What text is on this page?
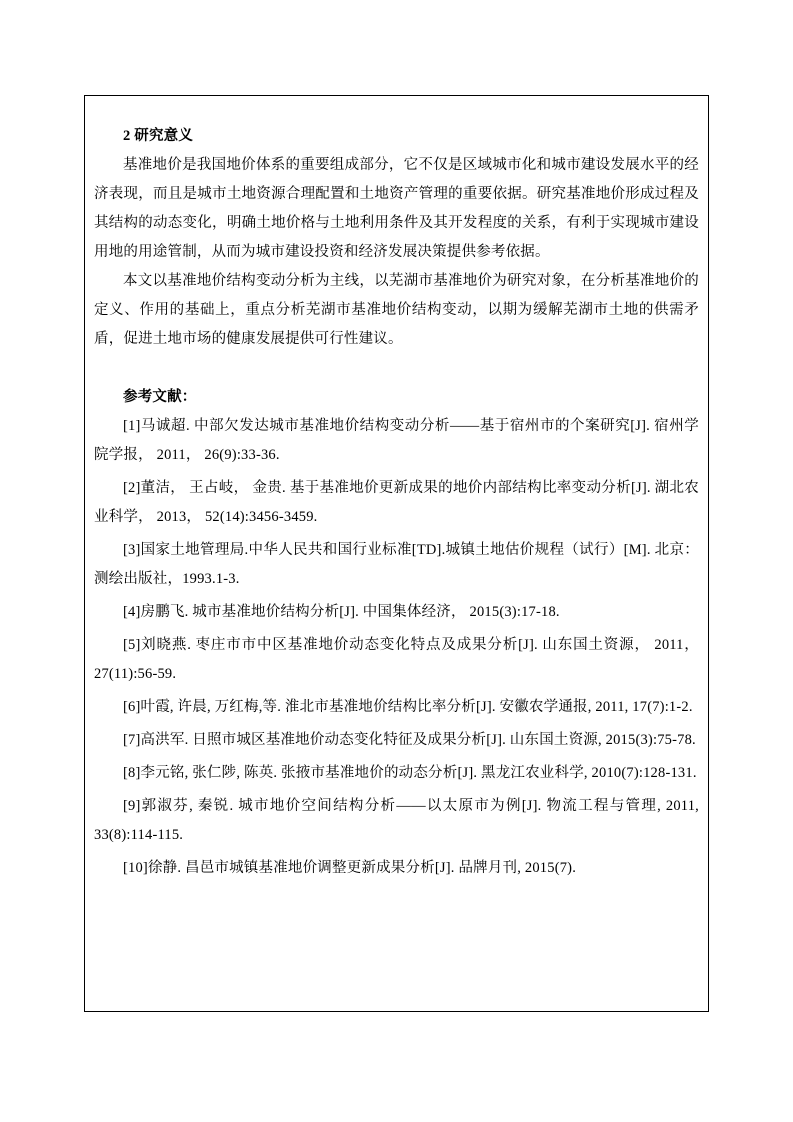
2 研究意义

基准地价是我国地价体系的重要组成部分，它不仅是区域城市化和城市建设发展水平的经济表现，而且是城市土地资源合理配置和土地资产管理的重要依据。研究基准地价形成过程及其结构的动态变化，明确土地价格与土地利用条件及其开发程度的关系，有利于实现城市建设用地的用途管制，从而为城市建设投资和经济发展决策提供参考依据。

本文以基准地价结构变动分析为主线，以芜湖市基准地价为研究对象，在分析基准地价的定义、作用的基础上，重点分析芜湖市基准地价结构变动，以期为缓解芜湖市土地的供需矛盾，促进土地市场的健康发展提供可行性建议。

参考文献：

[1]马诚超. 中部欠发达城市基准地价结构变动分析——基于宿州市的个案研究[J]. 宿州学院学报， 2011， 26(9):33-36.

[2]董洁， 王占岐， 金贵. 基于基准地价更新成果的地价内部结构比率变动分析[J]. 湖北农业科学， 2013， 52(14):3456-3459.

[3]国家土地管理局.中华人民共和国行业标准[TD].城镇土地估价规程（试行）[M]. 北京：测绘出版社，1993.1-3.

[4]房鹏飞. 城市基准地价结构分析[J]. 中国集体经济， 2015(3):17-18.

[5]刘晓燕. 枣庄市市中区基准地价动态变化特点及成果分析[J]. 山东国土资源， 2011， 27(11):56-59.

[6]叶霞, 许晨, 万红梅,等. 淮北市基准地价结构比率分析[J]. 安徽农学通报, 2011, 17(7):1-2.

[7]高洪军. 日照市城区基准地价动态变化特征及成果分析[J]. 山东国土资源, 2015(3):75-78.

[8]李元铭, 张仁陟, 陈英. 张掖市基准地价的动态分析[J]. 黑龙江农业科学, 2010(7):128-131.

[9]郭淑芬, 秦锐. 城市地价空间结构分析——以太原市为例[J]. 物流工程与管理, 2011, 33(8):114-115.

[10]徐静. 昌邑市城镇基准地价调整更新成果分析[J]. 品牌月刊, 2015(7).
